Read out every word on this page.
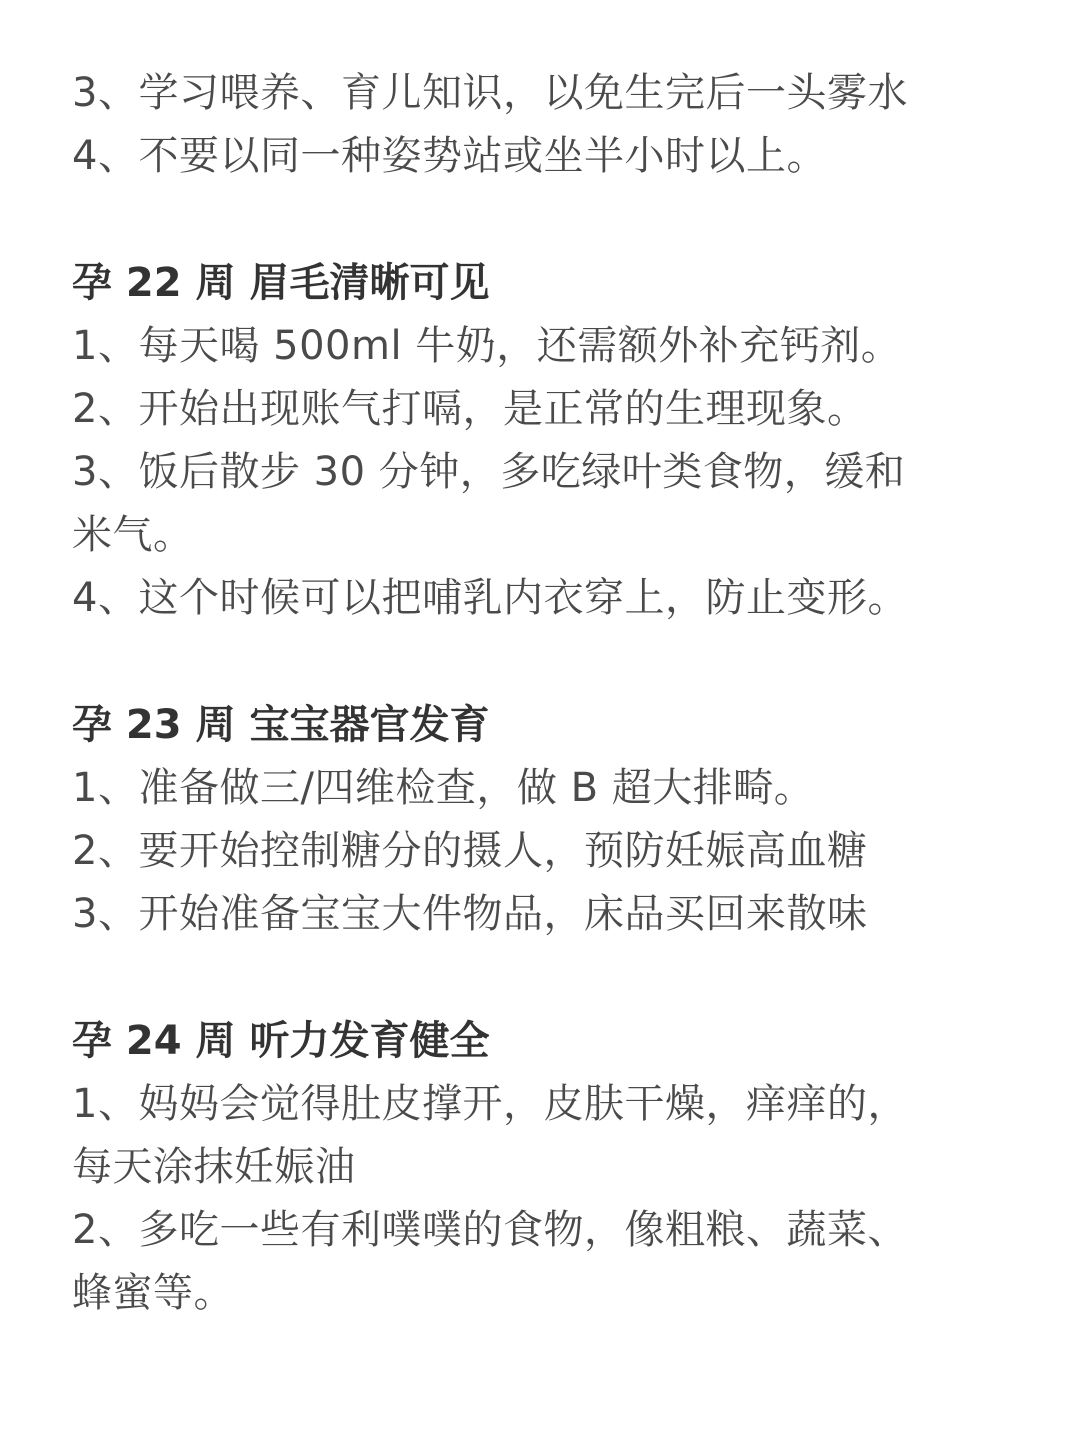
3、学习喂养、育儿知识，以免生完后一头雾水
4、不要以同一种姿势站或坐半小时以上。
孕 22 周 眉毛清晰可见
1、每天喝 500ml 牛奶，还需额外补充钙剂。
2、开始出现账气打嗝，是正常的生理现象。
3、饭后散步 30 分钟，多吃绿叶类食物，缓和
米气。
4、这个时候可以把哺乳内衣穿上，防止变形。
孕 23 周 宝宝器官发育
1、准备做三/四维检查，做 B 超大排畸。
2、要开始控制糖分的摄人，预防妊娠高血糖
3、开始准备宝宝大件物品，床品买回来散味
孕 24 周 听力发育健全
1、妈妈会觉得肚皮撑开，皮肤干燥，痒痒的，
每天涂抹妊娠油
2、多吃一些有利噗噗的食物，像粗粮、蔬菜、
蜂蜜等。
